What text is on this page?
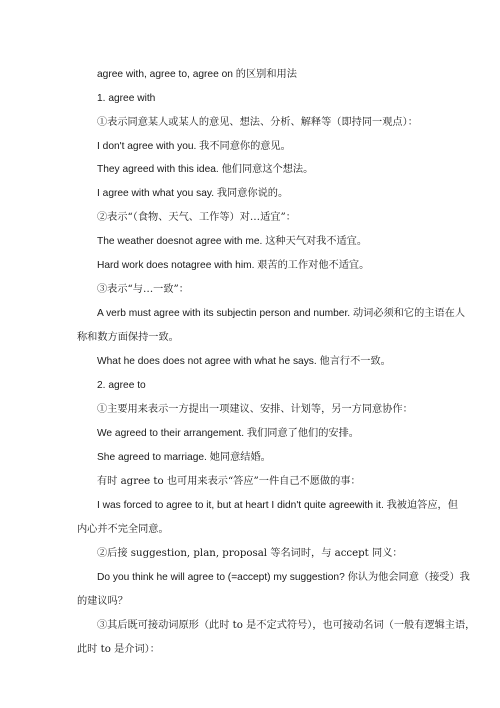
agree with, agree to, agree on 的区别和用法
1. agree with
①表示同意某人或某人的意见、想法、分析、解释等（即持同一观点）：
I don't agree with you. 我不同意你的意见。
They agreed with this idea. 他们同意这个想法。
I agree with what you say. 我同意你说的。
②表示“（食物、天气、工作等）对…适宜”：
The weather doesnot agree with me. 这种天气对我不适宜。
Hard work does notagree with him. 艰苦的工作对他不适宜。
③表示“与…一致”：
A verb must agree with its subjectin person and number. 动词必须和它的主语在人
称和数方面保持一致。
What he does does not agree with what he says. 他言行不一致。
2. agree to
①主要用来表示一方提出一项建议、安排、计划等，另一方同意协作：
We agreed to their arrangement. 我们同意了他们的安排。
She agreed to marriage. 她同意结婚。
有时 agree to 也可用来表示“答应”一件自己不愿做的事：
I was forced to agree to it, but at heart I didn't quite agreewith it. 我被迫答应，但
内心并不完全同意。
②后接 suggestion, plan, proposal 等名词时，与 accept 同义：
Do you think he will agree to (=accept) my suggestion? 你认为他会同意（接受）我
的建议吗？
③其后既可接动词原形（此时 to 是不定式符号），也可接动名词（一般有逻辑主语，
此时 to 是介词）：
